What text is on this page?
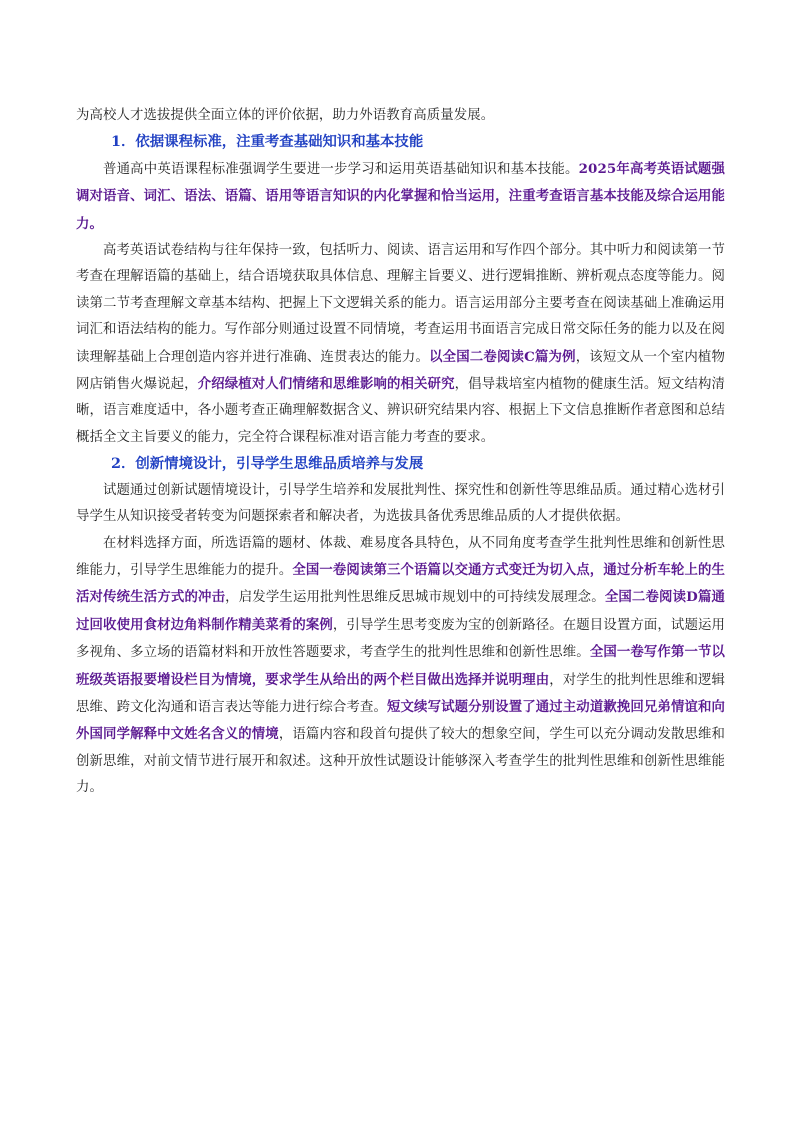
为高校人才选拔提供全面立体的评价依据，助力外语教育高质量发展。

1．依据课程标准，注重考查基础知识和基本技能

普通高中英语课程标准强调学生要进一步学习和运用英语基础知识和基本技能。2025年高考英语试题强调对语音、词汇、语法、语篇、语用等语言知识的内化掌握和恰当运用，注重考查语言基本技能及综合运用能力。

高考英语试卷结构与往年保持一致，包括听力、阅读、语言运用和写作四个部分。其中听力和阅读第一节考查在理解语篇的基础上，结合语境获取具体信息、理解主旨要义、进行逻辑推断、辨析观点态度等能力。阅读第二节考查理解文章基本结构、把握上下文逻辑关系的能力。语言运用部分主要考查在阅读基础上准确运用词汇和语法结构的能力。写作部分则通过设置不同情境，考查运用书面语言完成日常交际任务的能力以及在阅读理解基础上合理创造内容并进行准确、连贯表达的能力。以全国二卷阅读C篇为例，该短文从一个室内植物网店销售火爆说起，介绍绿植对人们情绪和思维影响的相关研究，倡导栽培室内植物的健康生活。短文结构清晰，语言难度适中，各小题考查正确理解数据含义、辨识研究结果内容、根据上下文信息推断作者意图和总结概括全文主旨要义的能力，完全符合课程标准对语言能力考查的要求。

2．创新情境设计，引导学生思维品质培养与发展

试题通过创新试题情境设计，引导学生培养和发展批判性、探究性和创新性等思维品质。通过精心选材引导学生从知识接受者转变为问题探索者和解决者，为选拔具备优秀思维品质的人才提供依据。

在材料选择方面，所选语篇的题材、体裁、难易度各具特色，从不同角度考查学生批判性思维和创新性思维能力，引导学生思维能力的提升。全国一卷阅读第三个语篇以交通方式变迁为切入点，通过分析车轮上的生活对传统生活方式的冲击，启发学生运用批判性思维反思城市规划中的可持续发展理念。全国二卷阅读D篇通过回收使用食材边角料制作精美菜肴的案例，引导学生思考变废为宝的创新路径。在题目设置方面，试题运用多视角、多立场的语篇材料和开放性答题要求，考查学生的批判性思维和创新性思维。全国一卷写作第一节以班级英语报要增设栏目为情境，要求学生从给出的两个栏目做出选择并说明理由，对学生的批判性思维和逻辑思维、跨文化沟通和语言表达等能力进行综合考查。短文续写试题分别设置了通过主动道歉挽回兄弟情谊和向外国同学解释中文姓名含义的情境，语篇内容和段首句提供了较大的想象空间，学生可以充分调动发散思维和创新思维，对前文情节进行展开和叙述。这种开放性试题设计能够深入考查学生的批判性思维和创新性思维能力。
